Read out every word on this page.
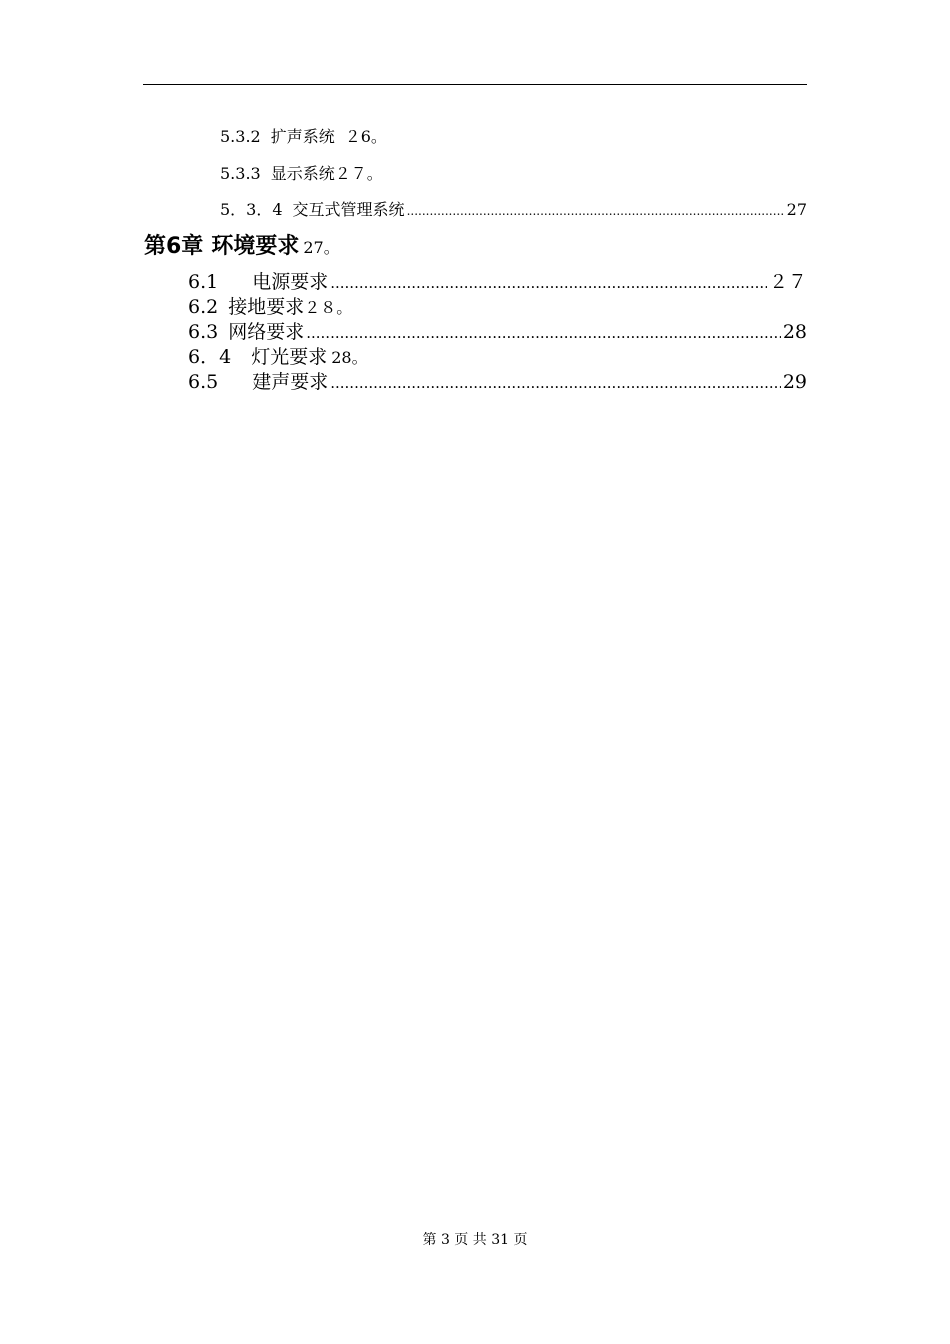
5.3.2 扩声系统 ２6。
5.3.3 显示系统 ２７。
5．3．4 交互式管理系统 .....	27
第6章 环境要求 27。
6.1 电源要求 .....	２７
6.2 接地要求 ２８。
6.3 网络要求 .....	28
6．4 灯光要求 28。
6.5 建声要求 .....	29
第 3 页 共 31 页
